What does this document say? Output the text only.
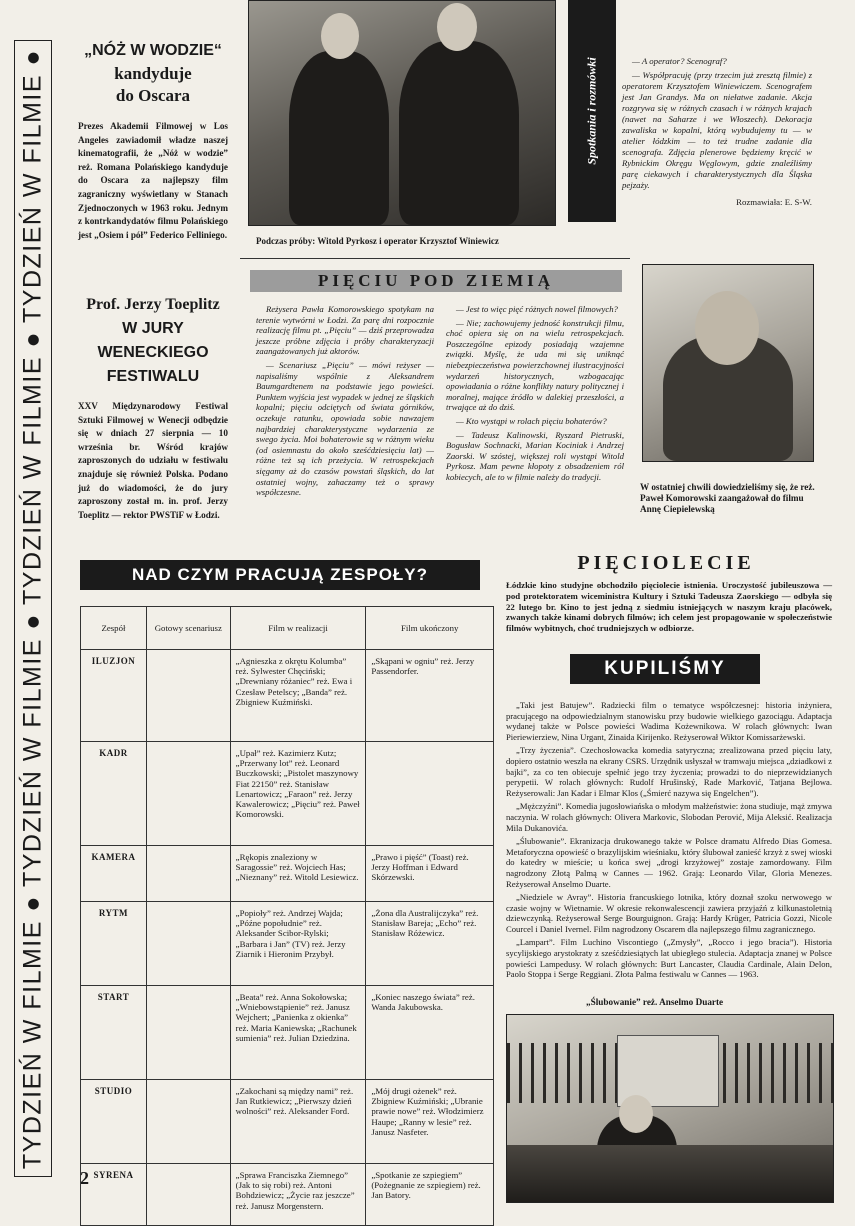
TYDZIEŃ W FILMIE ● TYDZIEŃ W FILMIE ● TYDZIEŃ W FILMIE ● TYDZIEŃ W FILMIE ●
2
„NÓŻ W WODZIE“
kandyduje
do Oscara
Prezes Akademii Filmowej w Los Angeles zawiadomił władze naszej kinematografii, że „Nóż w wodzie” reż. Romana Polańskiego kandyduje do Oscara za najlepszy film zagraniczny wyświetlany w Stanach Zjednoczonych w 1963 roku. Jednym z kontrkandydatów filmu Polańskiego jest „Osiem i pół” Federico Felliniego.
Prof. Jerzy Toeplitz
W JURY
WENECKIEGO
FESTIWALU
XXV Międzynarodowy Festiwal Sztuki Filmowej w Wenecji odbędzie się w dniach 27 sierpnia — 10 września br. Wśród krajów zaproszonych do udziału w festiwalu znajduje się również Polska. Podano już do wiadomości, że do jury zaproszony został m. in. prof. Jerzy Toeplitz — rektor PWSTiF w Łodzi.
Podczas próby: Witold Pyrkosz i operator Krzysztof Winiewicz
Spotkania i rozmówki	— A operator? Scenograf?

— Współpracuję (przy trzecim już zresztą filmie) z operatorem Krzysztofem Winiewiczem. Scenografem jest Jan Grandys. Ma on niełatwe zadanie. Akcja rozgrywa się w różnych czasach i w różnych krajach (nawet na Saharze i we Włoszech). Dekoracja zawaliska w kopalni, którą wybudujemy tu — w atelier łódzkim — to też trudne zadanie dla scenografa. Zdjęcia plenerowe będziemy kręcić w Rybnickim Okręgu Węglowym, gdzie znaleźliśmy parę ciekawych i charakterystycznych dla Śląska pejzaży.

Rozmawiała: E. S-W.
PIĘCIU POD ZIEMIĄ

Reżysera Pawła Komorowskiego spotykam na terenie wytwórni w Łodzi. Za parę dni rozpocznie realizację filmu pt. „Pięciu” — dziś przeprowadza jeszcze próbne zdjęcia i próby charakteryzacji zaangażowanych już aktorów.

— Scenariusz „Pięciu” — mówi reżyser — napisaliśmy wspólnie z Aleksandrem Baumgardtenem na podstawie jego powieści. Punktem wyjścia jest wypadek w jednej ze śląskich kopalni; pięciu odciętych od świata górników, oczekuje ratunku, opowiada sobie nawzajem najbardziej charakterystyczne wydarzenia ze swego życia. Moi bohaterowie są w różnym wieku (od osiemnastu do około sześćdziesięciu lat) — różne też są ich przeżycia. W retrospekcjach sięgamy aż do czasów powstań śląskich, do lat ostatniej wojny, zahaczamy też o sprawy współczesne.

— Jest to więc pięć różnych nowel filmowych?

— Nie; zachowujemy jedność konstrukcji filmu, choć opiera się on na wielu retrospekcjach. Poszczególne epizody posiadają wzajemne związki. Myślę, że uda mi się uniknąć niebezpieczeństwa powierzchownej ilustracyjności wydarzeń historycznych, wzbogacając opowiadania o różne konflikty natury politycznej i moralnej, mające źródło w dalekiej przeszłości, a trwające aż do dziś.

— Kto wystąpi w rolach pięciu bohaterów?

— Tadeusz Kalinowski, Ryszard Pietruski, Bogusław Sochnacki, Marian Kociniak i Andrzej Zaorski. W szóstej, większej roli wystąpi Witold Pyrkosz. Mam pewne kłopoty z obsadzeniem ról kobiecych, ale to w filmie należy do tradycji.

W ostatniej chwili dowiedzieliśmy się, że reż. Paweł Komorowski zaangażował do filmu Annę Ciepielewską
NAD CZYM PRACUJĄ ZESPOŁY?
Zespół	Gotowy scenariusz	Film w realizacji	Film ukończony
ILUZJON		„Agnieszka z okrętu Kolumba” reż. Sylwester Chęciński; „Drewniany różaniec” reż. Ewa i Czesław Petelscy; „Banda” reż. Zbigniew Kuźmiński.	„Skąpani w ogniu” reż. Jerzy Passendorfer.
KADR		„Upał” reż. Kazimierz Kutz; „Przerwany lot” reż. Leonard Buczkowski; „Pistolet maszynowy Fiat 22150” reż. Stanisław Lenartowicz; „Faraon” reż. Jerzy Kawalerowicz; „Pięciu” reż. Paweł Komorowski.	
KAMERA		„Rękopis znaleziony w Saragossie” reż. Wojciech Has; „Nieznany” reż. Witold Lesiewicz.	„Prawo i pięść” (Toast) reż. Jerzy Hoffman i Edward Skórzewski.
RYTM		„Popioły” reż. Andrzej Wajda; „Późne popołudnie” reż. Aleksander Scibor-Rylski; „Barbara i Jan” (TV) reż. Jerzy Ziarnik i Hieronim Przybył.	„Żona dla Australijczyka” reż. Stanisław Bareja; „Echo” reż. Stanisław Różewicz.
START		„Beata” reż. Anna Sokołowska; „Wniebowstąpienie” reż. Janusz Wejchert; „Panienka z okienka” reż. Maria Kaniewska; „Rachunek sumienia” reż. Julian Dziedzina.	„Koniec naszego świata” reż. Wanda Jakubowska.
STUDIO		„Zakochani są między nami” reż. Jan Rutkiewicz; „Pierwszy dzień wolności” reż. Aleksander Ford.	„Mój drugi ożenek” reż. Zbigniew Kuźmiński; „Ubranie prawie nowe” reż. Włodzimierz Haupe; „Ranny w lesie” reż. Janusz Nasfeter.
SYRENA		„Sprawa Franciszka Ziemnego” (Jak to się robi) reż. Antoni Bohdziewicz; „Życie raz jeszcze” reż. Janusz Morgenstern.	„Spotkanie ze szpiegiem” (Pożegnanie ze szpiegiem) reż. Jan Batory.
PIĘCIOLECIE
Łódzkie kino studyjne obchodziło pięciolecie istnienia. Uroczystość jubileuszowa — pod protektoratem wiceministra Kultury i Sztuki Tadeusza Zaorskiego — odbyła się 22 lutego br. Kino to jest jedną z siedmiu istniejących w naszym kraju placówek, zwanych także kinami dobrych filmów; ich celem jest propagowanie w społeczeństwie filmów wybitnych, choć trudniejszych w odbiorze.
KUPILIŚMY

„Taki jest Batujew”. Radziecki film o tematyce współczesnej: historia inżyniera, pracującego na odpowiedzialnym stanowisku przy budowie wielkiego gazociągu. Adaptacja wydanej także w Polsce powieści Wadima Kożewnikowa. W rolach głównych: Iwan Pieriewierziew, Nina Urgant, Zinaida Kirijenko. Reżyserował Wiktor Komissarżewski.

„Trzy życzenia”. Czechosłowacka komedia satyryczna; zrealizowana przed pięciu laty, dopiero ostatnio weszła na ekrany CSRS. Urzędnik usłyszał w tramwaju miejsca „dziadkowi z bajki”, za co ten obiecuje spełnić jego trzy życzenia; prowadzi to do nieprzewidzianych perypetii. W rolach głównych: Rudolf Hrušinský, Rade Marković, Tatjana Bejlowa. Reżyserowali: Jan Kadar i Elmar Klos („Śmierć nazywa się Engelchen”).

„Mężczyźni”. Komedia jugosłowiańska o młodym małżeństwie: żona studiuje, mąż zmywa naczynia. W rolach głównych: Olivera Markovic, Slobodan Perović, Mija Aleksić. Realizacja Mila Dukanovića.

„Ślubowanie”. Ekranizacja drukowanego także w Polsce dramatu Alfredo Dias Gomesa. Metaforyczna opowieść o brazylijskim wieśniaku, który ślubował zanieść krzyż z swej wioski do katedry w mieście; u końca swej „drogi krzyżowej” zostaje zamordowany. Film nagrodzony Złotą Palmą w Cannes — 1962. Grają: Leonardo Vilar, Gloria Menezes. Reżyserował Anselmo Duarte.

„Niedziele w Avray”. Historia francuskiego lotnika, który doznał szoku nerwowego w czasie wojny w Wietnamie. W okresie rekonwalescencji zawiera przyjaźń z kilkunastoletnią dziewczynką. Reżyserował Serge Bourguignon. Grają: Hardy Krüger, Patricia Gozzi, Nicole Courcel i Daniel Ivernel. Film nagrodzony Oscarem dla najlepszego filmu zagranicznego.

„Lampart”. Film Luchino Viscontiego („Zmysły”, „Rocco i jego bracia”). Historia sycylijskiego arystokraty z sześćdziesiątych lat ubiegłego stulecia. Adaptacja znanej w Polsce powieści Lampedusy. W rolach głównych: Burt Lancaster, Claudia Cardinale, Alain Delon, Paolo Stoppa i Serge Reggiani. Złota Palma festiwalu w Cannes — 1963.

„Ślubowanie” reż. Anselmo Duarte
